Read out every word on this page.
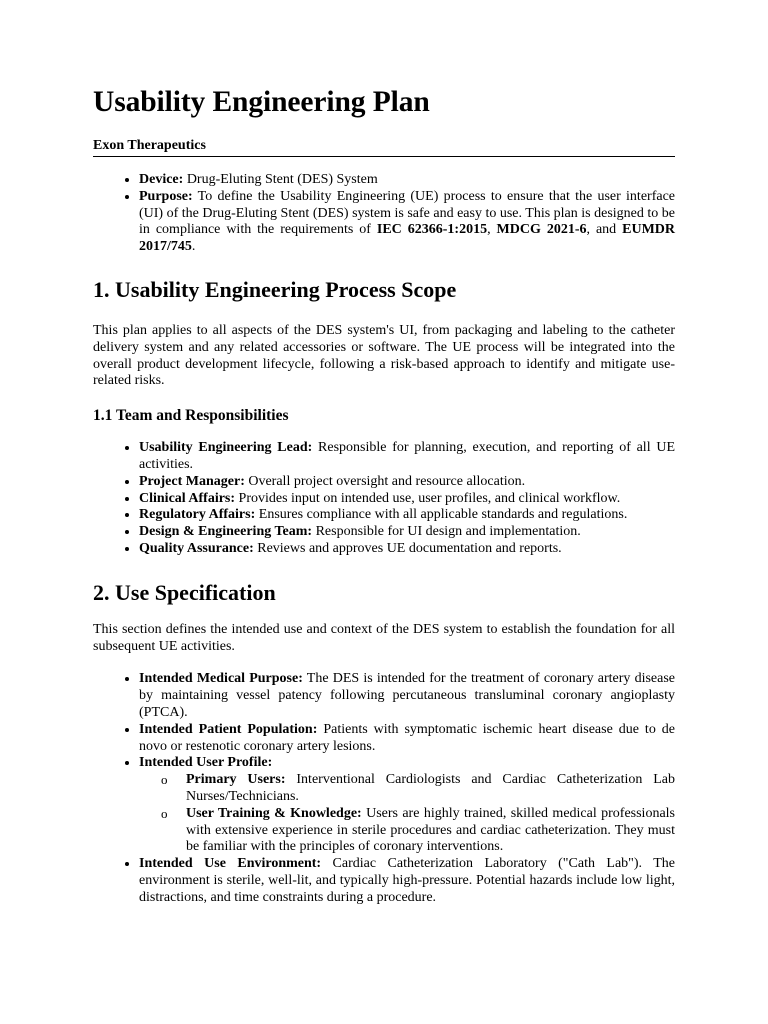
Usability Engineering Plan
Exon Therapeutics
• Device: Drug-Eluting Stent (DES) System
• Purpose: To define the Usability Engineering (UE) process to ensure that the user interface (UI) of the Drug-Eluting Stent (DES) system is safe and easy to use. This plan is designed to be in compliance with the requirements of IEC 62366-1:2015, MDCG 2021-6, and EUMDR 2017/745.
1. Usability Engineering Process Scope

This plan applies to all aspects of the DES system's UI, from packaging and labeling to the catheter delivery system and any related accessories or software. The UE process will be integrated into the overall product development lifecycle, following a risk-based approach to identify and mitigate use-related risks.

1.1 Team and Responsibilities
• Usability Engineering Lead: Responsible for planning, execution, and reporting of all UE activities.
• Project Manager: Overall project oversight and resource allocation.
• Clinical Affairs: Provides input on intended use, user profiles, and clinical workflow.
• Regulatory Affairs: Ensures compliance with all applicable standards and regulations.
• Design & Engineering Team: Responsible for UI design and implementation.
• Quality Assurance: Reviews and approves UE documentation and reports.
2. Use Specification

This section defines the intended use and context of the DES system to establish the foundation for all subsequent UE activities.

• Intended Medical Purpose: The DES is intended for the treatment of coronary artery disease by maintaining vessel patency following percutaneous transluminal coronary angioplasty (PTCA).
• Intended Patient Population: Patients with symptomatic ischemic heart disease due to de novo or restenotic coronary artery lesions.
• Intended User Profile:
o Primary Users: Interventional Cardiologists and Cardiac Catheterization Lab Nurses/Technicians.
o User Training & Knowledge: Users are highly trained, skilled medical professionals with extensive experience in sterile procedures and cardiac catheterization. They must be familiar with the principles of coronary interventions.
• Intended Use Environment: Cardiac Catheterization Laboratory ("Cath Lab"). The environment is sterile, well-lit, and typically high-pressure. Potential hazards include low light, distractions, and time constraints during a procedure.
